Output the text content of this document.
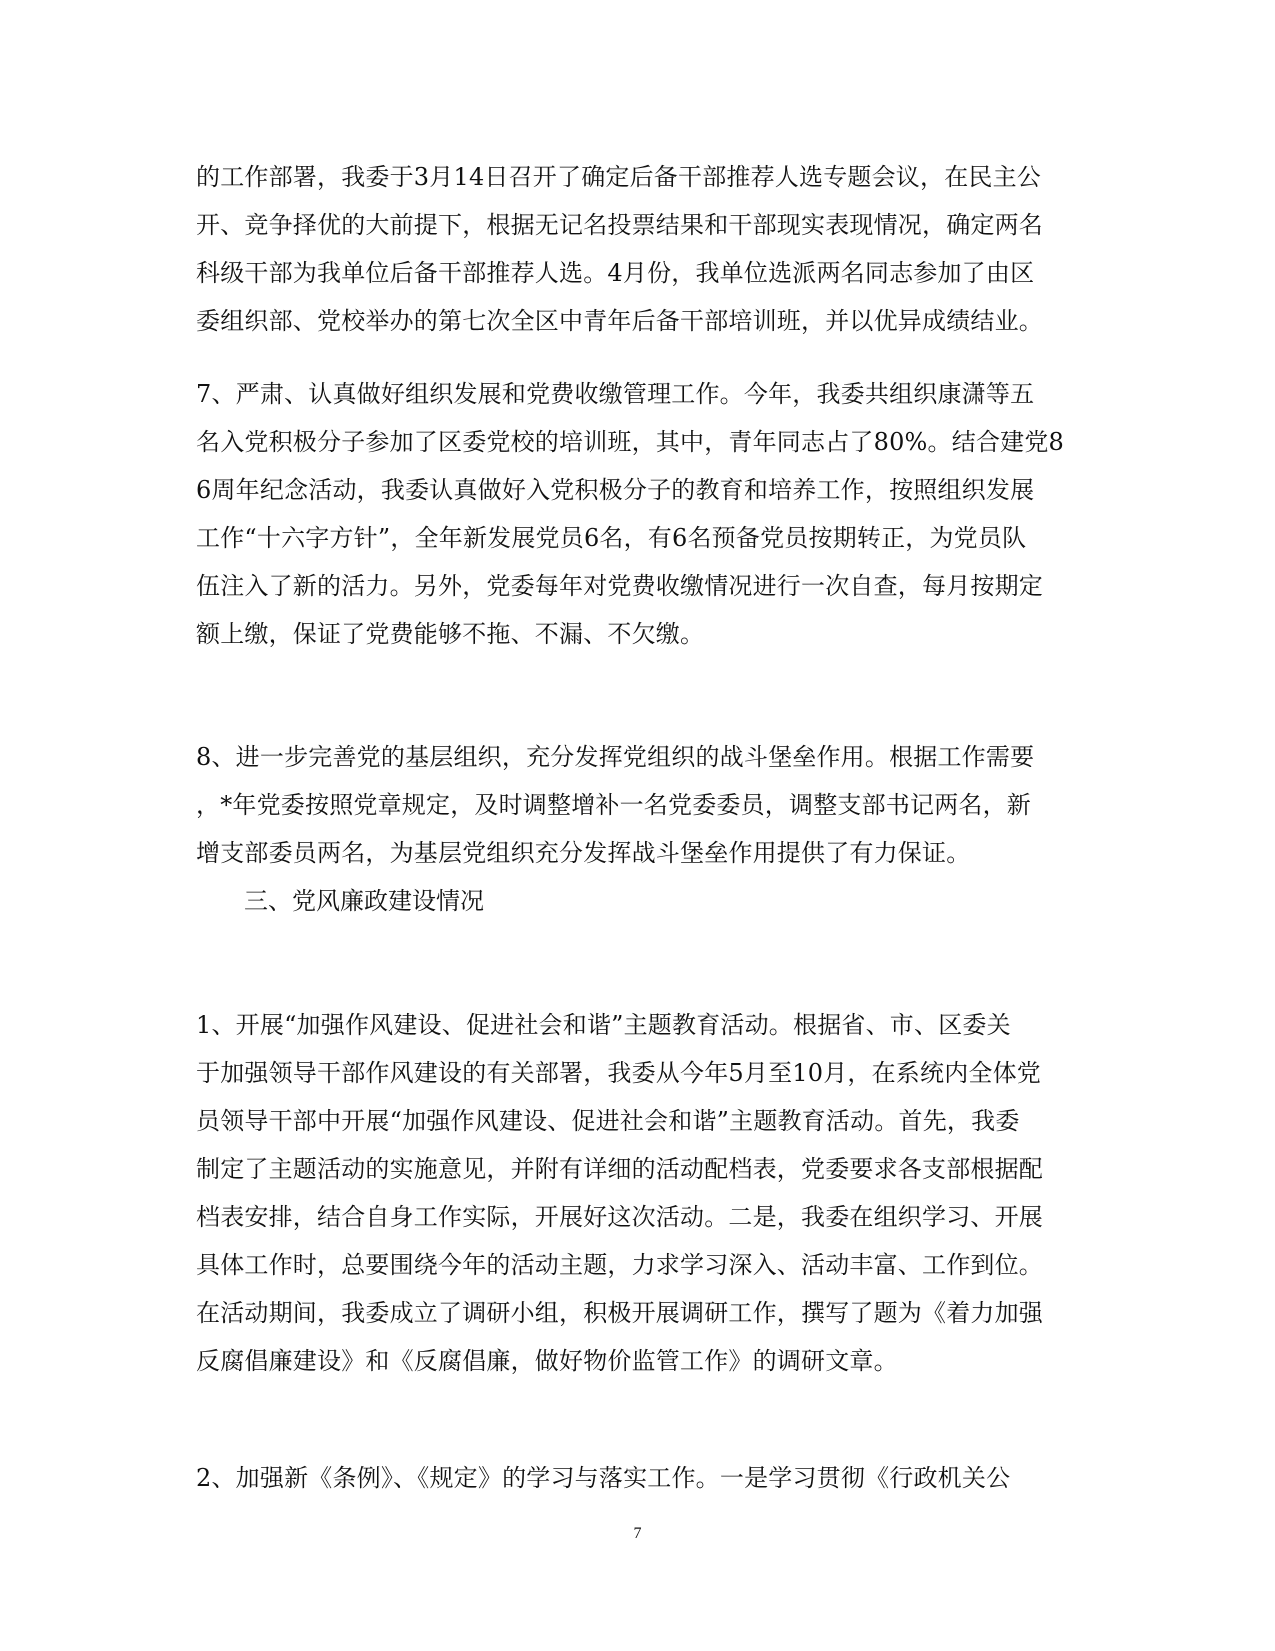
的工作部署，我委于3月14日召开了确定后备干部推荐人选专题会议，在民主公
开、竞争择优的大前提下，根据无记名投票结果和干部现实表现情况，确定两名
科级干部为我单位后备干部推荐人选。4月份，我单位选派两名同志参加了由区
委组织部、党校举办的第七次全区中青年后备干部培训班，并以优异成绩结业。
7、严肃、认真做好组织发展和党费收缴管理工作。今年，我委共组织康潇等五
名入党积极分子参加了区委党校的培训班，其中，青年同志占了80%。结合建党8
6周年纪念活动，我委认真做好入党积极分子的教育和培养工作，按照组织发展
工作“十六字方针”，全年新发展党员6名，有6名预备党员按期转正，为党员队
伍注入了新的活力。另外，党委每年对党费收缴情况进行一次自查，每月按期定
额上缴，保证了党费能够不拖、不漏、不欠缴。
8、进一步完善党的基层组织，充分发挥党组织的战斗堡垒作用。根据工作需要
，*年党委按照党章规定，及时调整增补一名党委委员，调整支部书记两名，新
增支部委员两名，为基层党组织充分发挥战斗堡垒作用提供了有力保证。
三、党风廉政建设情况
1、开展“加强作风建设、促进社会和谐”主题教育活动。根据省、市、区委关
于加强领导干部作风建设的有关部署，我委从今年5月至10月，在系统内全体党
员领导干部中开展“加强作风建设、促进社会和谐”主题教育活动。首先，我委
制定了主题活动的实施意见，并附有详细的活动配档表，党委要求各支部根据配
档表安排，结合自身工作实际，开展好这次活动。二是，我委在组织学习、开展
具体工作时，总要围绕今年的活动主题，力求学习深入、活动丰富、工作到位。
在活动期间，我委成立了调研小组，积极开展调研工作，撰写了题为《着力加强
反腐倡廉建设》和《反腐倡廉，做好物价监管工作》的调研文章。
2、加强新《条例》、《规定》的学习与落实工作。一是学习贯彻《行政机关公
7
